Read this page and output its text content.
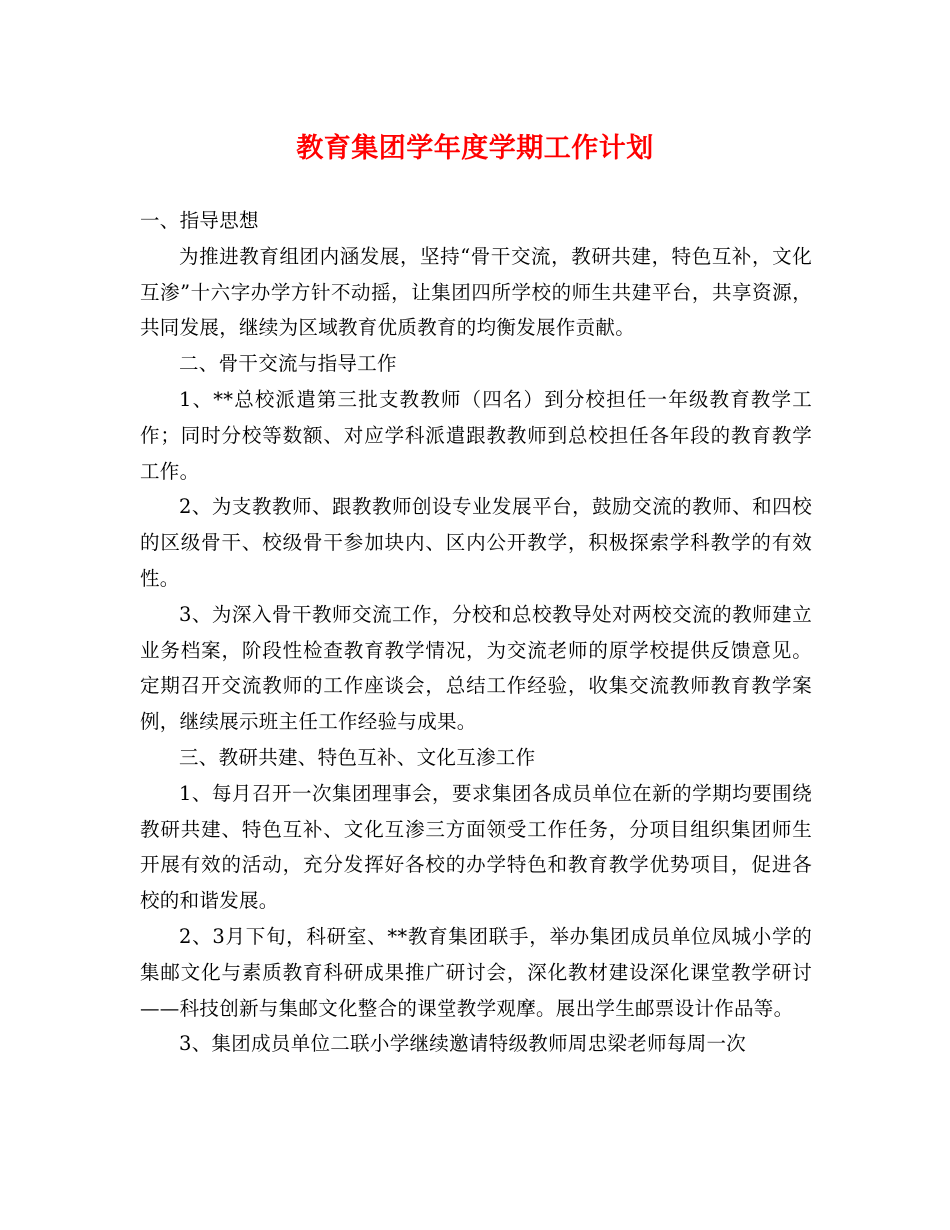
教育集团学年度学期工作计划

一、指导思想

为推进教育组团内涵发展，坚持“骨干交流，教研共建，特色互补，文化互渗”十六字办学方针不动摇，让集团四所学校的师生共建平台，共享资源，共同发展，继续为区域教育优质教育的均衡发展作贡献。

二、骨干交流与指导工作

1、**总校派遣第三批支教教师（四名）到分校担任一年级教育教学工作；同时分校等数额、对应学科派遣跟教教师到总校担任各年段的教育教学工作。

2、为支教教师、跟教教师创设专业发展平台，鼓励交流的教师、和四校的区级骨干、校级骨干参加块内、区内公开教学，积极探索学科教学的有效性。

3、为深入骨干教师交流工作，分校和总校教导处对两校交流的教师建立业务档案，阶段性检查教育教学情况，为交流老师的原学校提供反馈意见。定期召开交流教师的工作座谈会，总结工作经验，收集交流教师教育教学案例，继续展示班主任工作经验与成果。

三、教研共建、特色互补、文化互渗工作

1、每月召开一次集团理事会，要求集团各成员单位在新的学期均要围绕教研共建、特色互补、文化互渗三方面领受工作任务，分项目组织集团师生开展有效的活动，充分发挥好各校的办学特色和教育教学优势项目，促进各校的和谐发展。

2、3月下旬，科研室、**教育集团联手，举办集团成员单位凤城小学的集邮文化与素质教育科研成果推广研讨会，深化教材建设深化课堂教学研讨——科技创新与集邮文化整合的课堂教学观摩。展出学生邮票设计作品等。

3、集团成员单位二联小学继续邀请特级教师周忠梁老师每周一次
